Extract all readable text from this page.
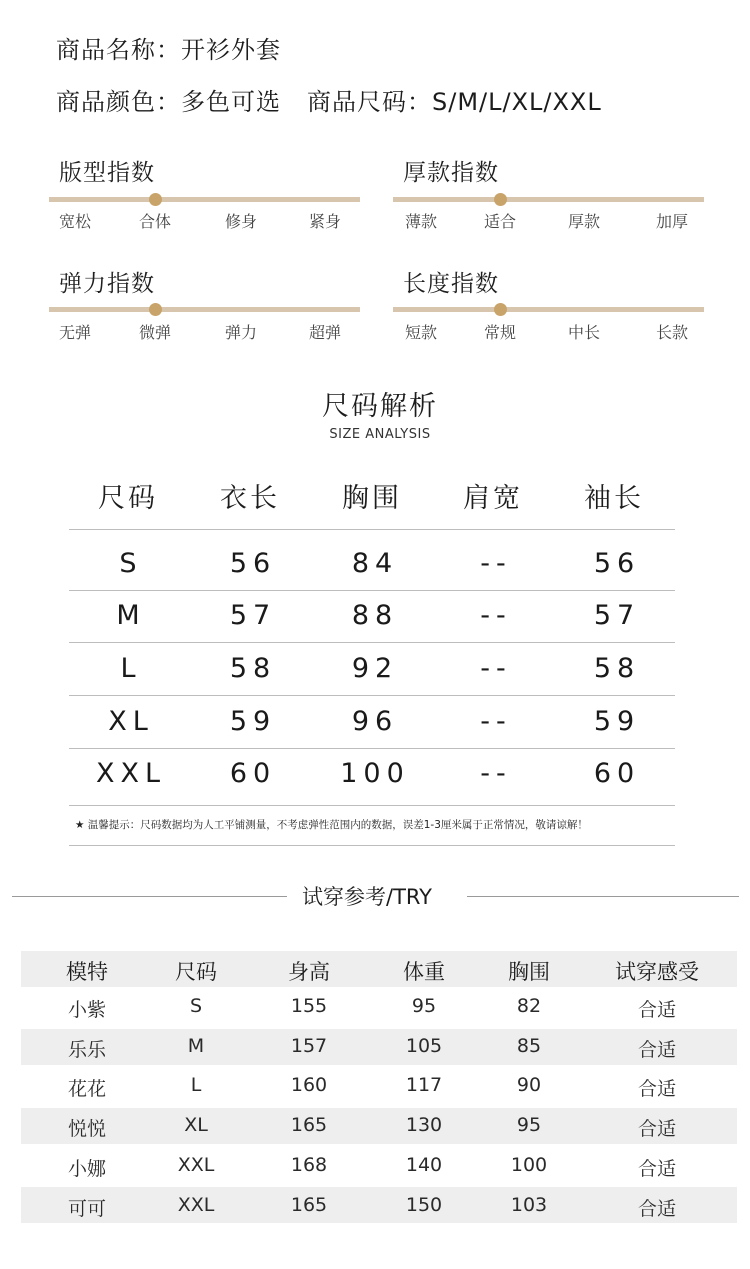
商品名称：开衫外套
商品颜色：多色可选 商品尺码：S/M/L/XL/XXL
版型指数
宽松	合体	修身	紧身
厚款指数
薄款	适合	厚款	加厚
弹力指数
无弹	微弹	弹力	超弹
长度指数
短款	常规	中长	长款
尺码解析
SIZE ANALYSIS
尺码 衣长 胸围 肩宽 袖长
S	56	84	--	56
M	57	88	--	57
L	58	92	--	58
XL	59	96	--	59
XXL 60 100	--	60
★ 温馨提示：尺码数据均为人工平铺测量，不考虑弹性范围内的数据，误差1-3厘米属于正常情况，敬请谅解！
试穿参考/TRY
模特	尺码	身高	体重	胸围	试穿感受
小紫	S	155	95	82	合适
乐乐	M	157	105	85	合适
花花	L	160	117	90	合适
悦悦	XL	165	130	95	合适
小娜	XXL	168	140	100	合适
可可	XXL	165	150	103	合适
